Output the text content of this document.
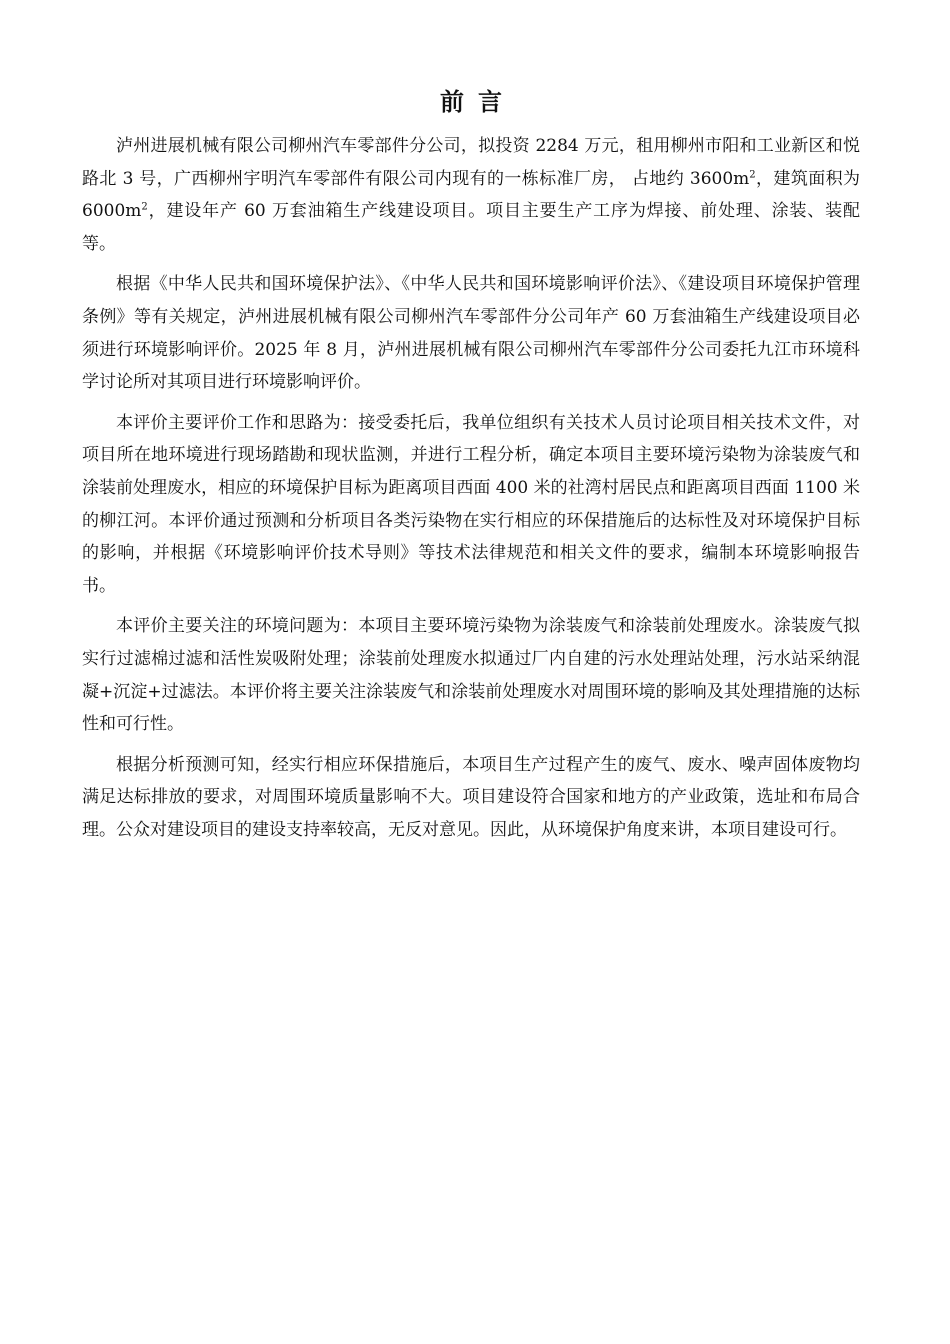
前言

泸州进展机械有限公司柳州汽车零部件分公司，拟投资 2284 万元，租用柳州市阳和工业新区和悦路北 3 号，广西柳州宇明汽车零部件有限公司内现有的一栋标准厂房， 占地约 $3600m^2$，建筑面积为 $6000m^2$，建设年产 60 万套油箱生产线建设项目。项目主要生产工序为焊接、前处理、涂装、装配等。

根据《中华人民共和国环境保护法》、《中华人民共和国环境影响评价法》、《建设项目环境保护管理条例》等有关规定，泸州进展机械有限公司柳州汽车零部件分公司年产 60 万套油箱生产线建设项目必须进行环境影响评价。2025 年 8 月，泸州进展机械有限公司柳州汽车零部件分公司委托九江市环境科学讨论所对其项目进行环境影响评价。

本评价主要评价工作和思路为：接受委托后，我单位组织有关技术人员讨论项目相关技术文件，对项目所在地环境进行现场踏勘和现状监测，并进行工程分析，确定本项目主要环境污染物为涂装废气和涂装前处理废水，相应的环境保护目标为距离项目西面 400 米的社湾村居民点和距离项目西面 1100 米的柳江河。本评价通过预测和分析项目各类污染物在实行相应的环保措施后的达标性及对环境保护目标的影响，并根据《环境影响评价技术导则》等技术法律规范和相关文件的要求，编制本环境影响报告书。

本评价主要关注的环境问题为：本项目主要环境污染物为涂装废气和涂装前处理废水。涂装废气拟实行过滤棉过滤和活性炭吸附处理；涂装前处理废水拟通过厂内自建的污水处理站处理，污水站采纳混凝+沉淀+过滤法。本评价将主要关注涂装废气和涂装前处理废水对周围环境的影响及其处理措施的达标性和可行性。

根据分析预测可知，经实行相应环保措施后，本项目生产过程产生的废气、废水、噪声固体废物均满足达标排放的要求，对周围环境质量影响不大。项目建设符合国家和地方的产业政策，选址和布局合理。公众对建设项目的建设支持率较高，无反对意见。因此，从环境保护角度来讲，本项目建设可行。
